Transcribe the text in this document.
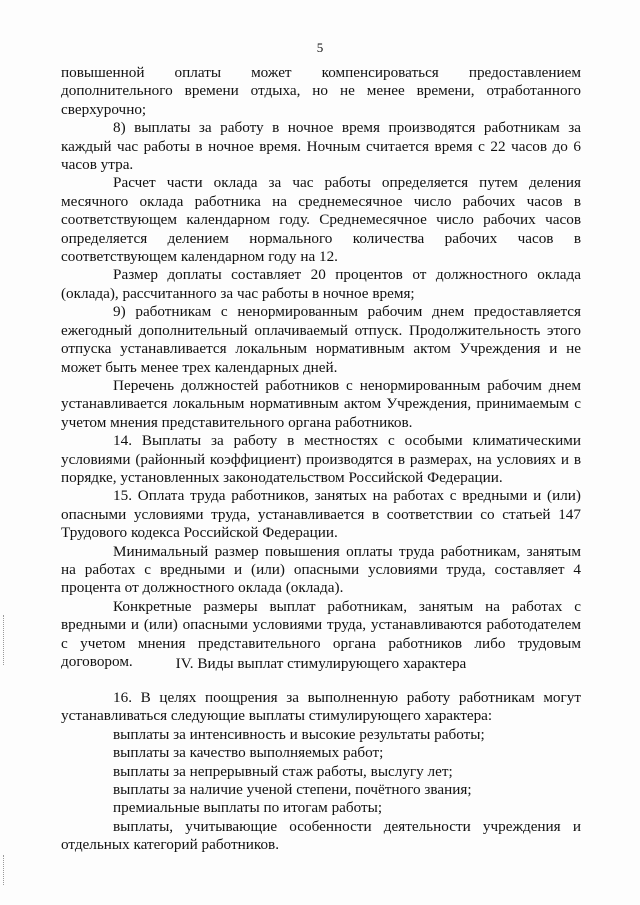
5

повышенной оплаты может компенсироваться предоставлением дополнительного времени отдыха, но не менее времени, отработанного сверхурочно;

8) выплаты за работу в ночное время производятся работникам за каждый час работы в ночное время. Ночным считается время с 22 часов до 6 часов утра.

Расчет части оклада за час работы определяется путем деления месячного оклада работника на среднемесячное число рабочих часов в соответствующем календарном году. Среднемесячное число рабочих часов определяется делением нормального количества рабочих часов в соответствующем календарном году на 12.

Размер доплаты составляет 20 процентов от должностного оклада (оклада), рассчитанного за час работы в ночное время;

9) работникам с ненормированным рабочим днем предоставляется ежегодный дополнительный оплачиваемый отпуск. Продолжительность этого отпуска устанавливается локальным нормативным актом Учреждения и не может быть менее трех календарных дней.

Перечень должностей работников с ненормированным рабочим днем устанавливается локальным нормативным актом Учреждения, принимаемым с учетом мнения представительного органа работников.

14. Выплаты за работу в местностях с особыми климатическими условиями (районный коэффициент) производятся в размерах, на условиях и в порядке, установленных законодательством Российской Федерации.

15. Оплата труда работников, занятых на работах с вредными и (или) опасными условиями труда, устанавливается в соответствии со статьей 147 Трудового кодекса Российской Федерации.

Минимальный размер повышения оплаты труда работникам, занятым на работах с вредными и (или) опасными условиями труда, составляет 4 процента от должностного оклада (оклада).

Конкретные размеры выплат работникам, занятым на работах с вредными и (или) опасными условиями труда, устанавливаются работодателем с учетом мнения представительного органа работников либо трудовым договором.	IV. Виды выплат стимулирующего характера

16. В целях поощрения за выполненную работу работникам могут устанавливаться следующие выплаты стимулирующего характера:

выплаты за интенсивность и высокие результаты работы;

выплаты за качество выполняемых работ;

выплаты за непрерывный стаж работы, выслугу лет;

выплаты за наличие ученой степени, почётного звания;

премиальные выплаты по итогам работы;

выплаты, учитывающие особенности деятельности учреждения и отдельных категорий работников.
